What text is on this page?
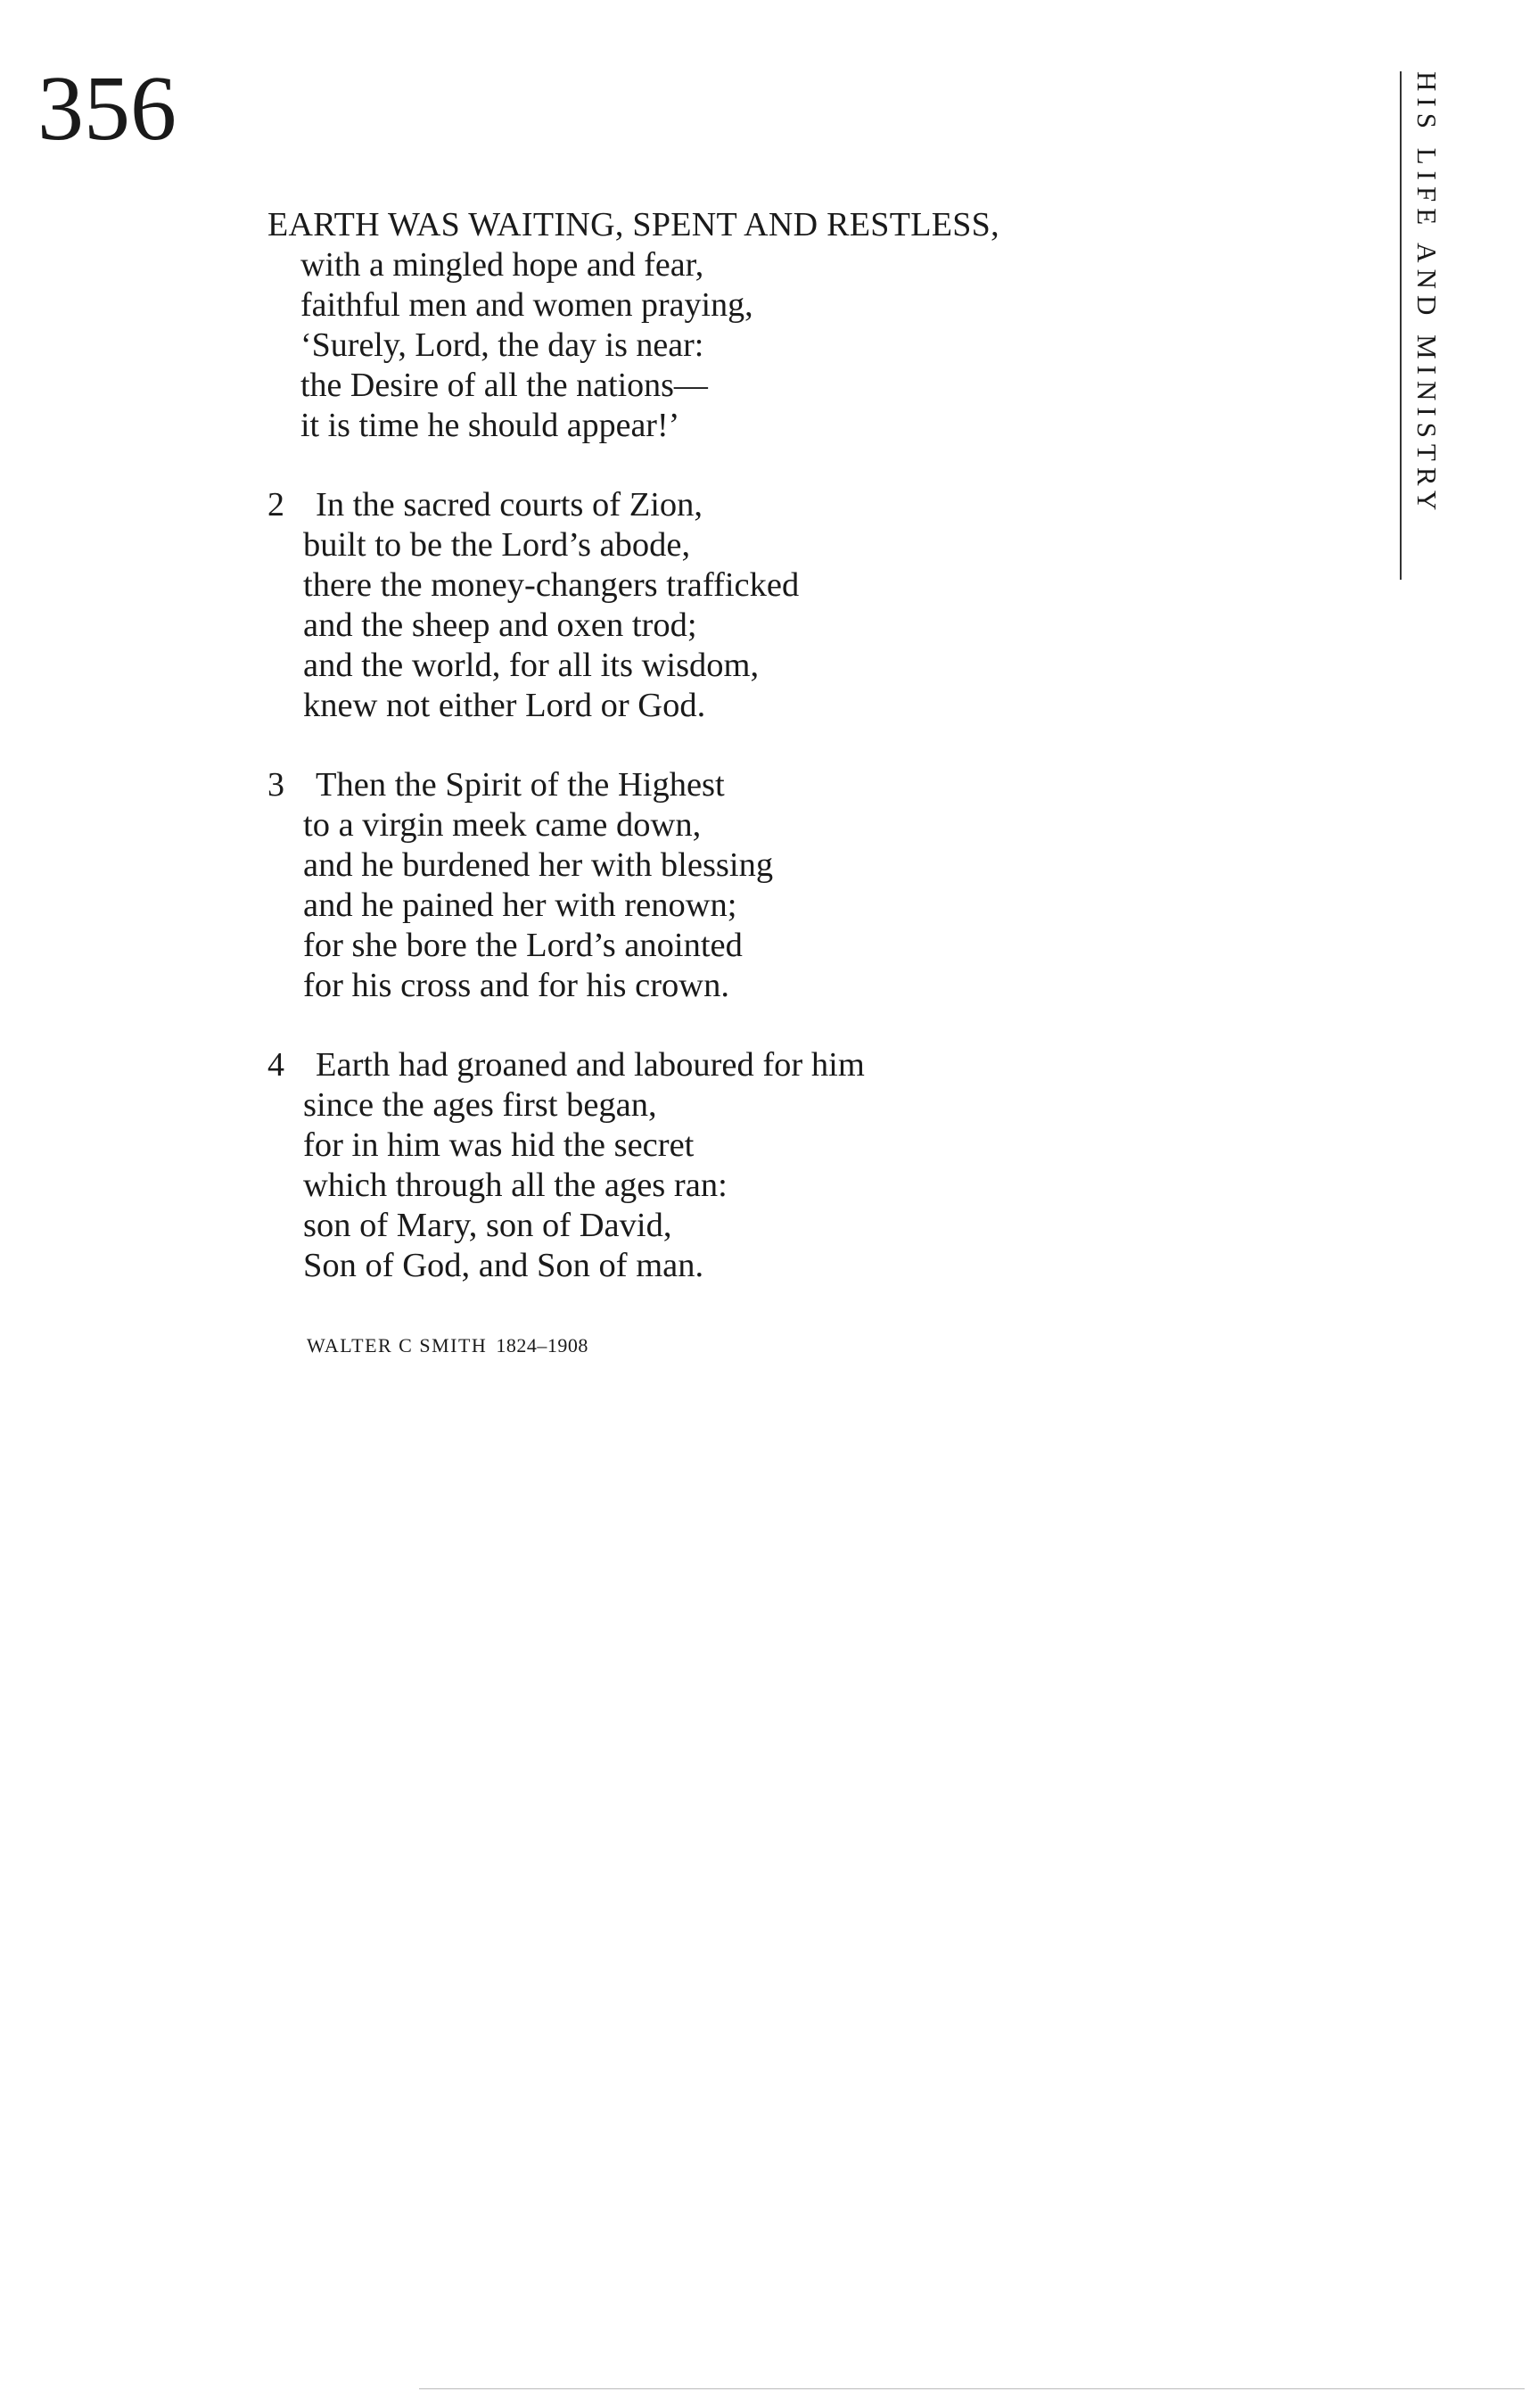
356	HIS LIFE AND MINISTRY
EARTH WAS WAITING, SPENT AND RESTLESS,
with a mingled hope and fear,
faithful men and women praying,
‘Surely, Lord, the day is near:
the Desire of all the nations—
it is time he should appear!’
2 In the sacred courts of Zion,
built to be the Lord’s abode,
there the money-changers trafficked
and the sheep and oxen trod;
and the world, for all its wisdom,
knew not either Lord or God.
3 Then the Spirit of the Highest
to a virgin meek came down,
and he burdened her with blessing
and he pained her with renown;
for she bore the Lord’s anointed
for his cross and for his crown.
4 Earth had groaned and laboured for him
since the ages first began,
for in him was hid the secret
which through all the ages ran:
son of Mary, son of David,
Son of God, and Son of man.
WALTER C SMITH 1824–1908
